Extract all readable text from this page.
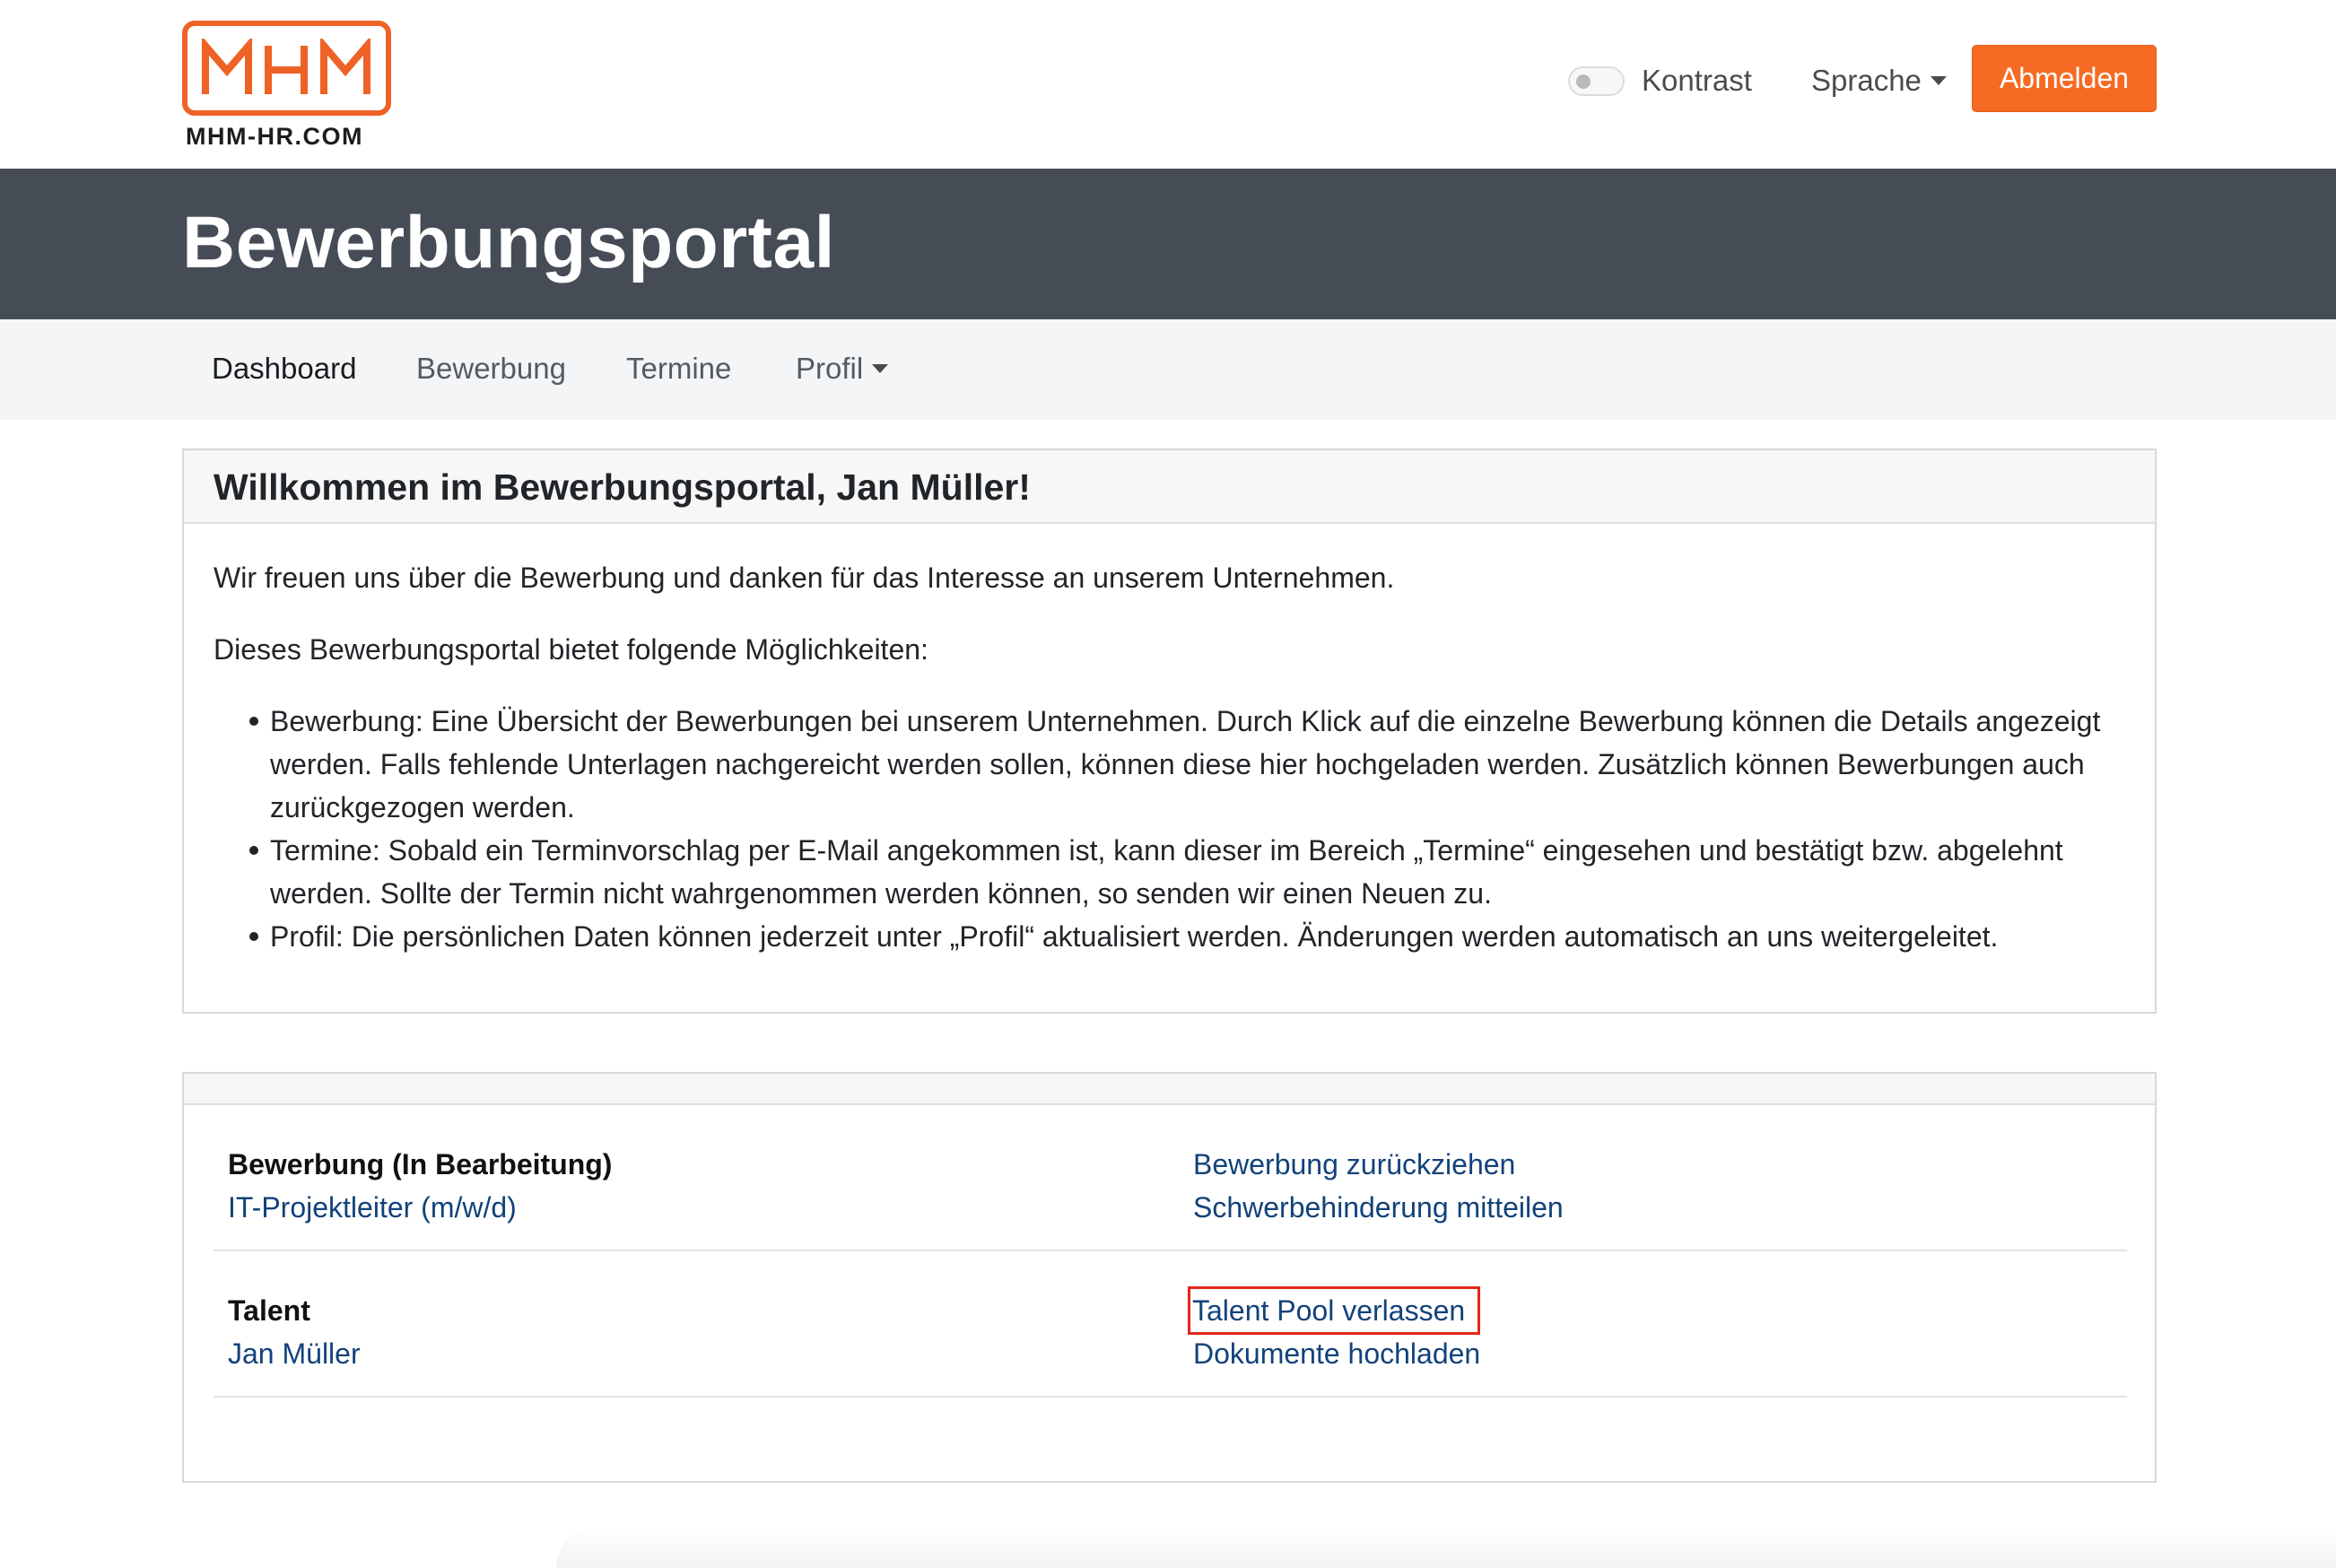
MHM-HR.COM
Kontrast Sprache	Abmelden
Bewerbungsportal
Dashboard Bewerbung Termine Profil
Willkommen im Bewerbungsportal, Jan Müller!

Wir freuen uns über die Bewerbung und danken für das Interesse an unserem Unternehmen.

Dieses Bewerbungsportal bietet folgende Möglichkeiten:

Bewerbung: Eine Übersicht der Bewerbungen bei unserem Unternehmen. Durch Klick auf die einzelne Bewerbung können die Details angezeigt werden. Falls fehlende Unterlagen nachgereicht werden sollen, können diese hier hochgeladen werden. Zusätzlich können Bewerbungen auch zurückgezogen werden.
Termine: Sobald ein Terminvorschlag per E-Mail angekommen ist, kann dieser im Bereich „Termine“ eingesehen und bestätigt bzw. abgelehnt werden. Sollte der Termin nicht wahrgenommen werden können, so senden wir einen Neuen zu.
Profil: Die persönlichen Daten können jederzeit unter „Profil“ aktualisiert werden. Änderungen werden automatisch an uns weitergeleitet.
Bewerbung (In Bearbeitung)
IT-Projektleiter (m/w/d)
Bewerbung zurückziehen
Schwerbehinderung mitteilen
Talent
Jan Müller
Talent Pool verlassen
Dokumente hochladen
